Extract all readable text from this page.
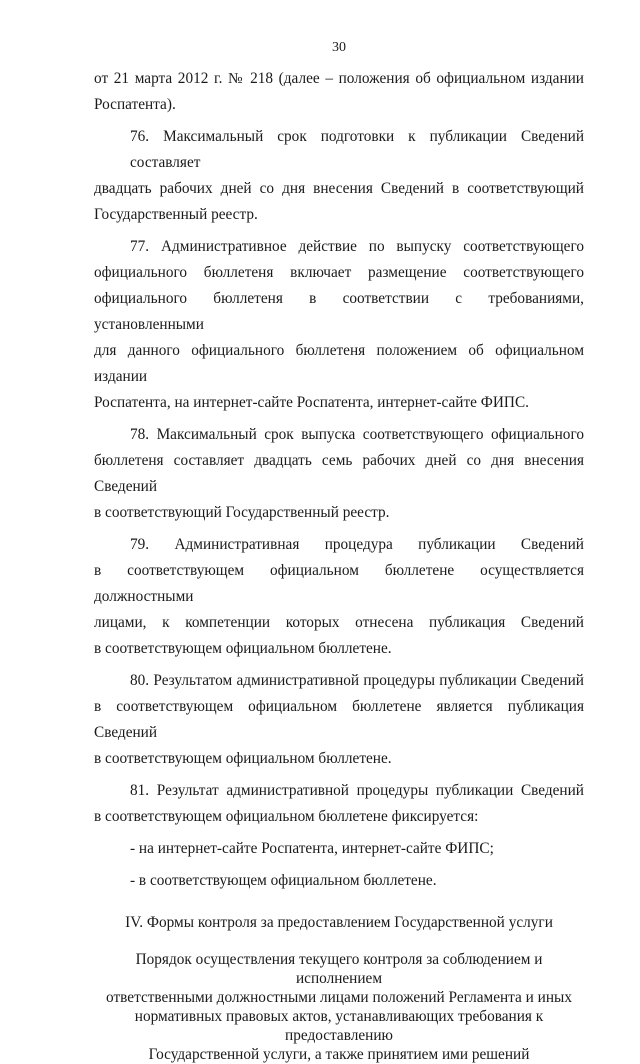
30
от 21 марта 2012 г. № 218 (далее – положения об официальном издании
Роспатента).
76. Максимальный срок подготовки к публикации Сведений составляет
двадцать рабочих дней со дня внесения Сведений в соответствующий
Государственный реестр.
77. Административное действие по выпуску соответствующего
официального бюллетеня включает размещение соответствующего
официального бюллетеня в соответствии с требованиями, установленными
для данного официального бюллетеня положением об официальном издании
Роспатента, на интернет-сайте Роспатента, интернет-сайте ФИПС.
78. Максимальный срок выпуска соответствующего официального
бюллетеня составляет двадцать семь рабочих дней со дня внесения Сведений
в соответствующий Государственный реестр.
79. Административная процедура публикации Сведений
в соответствующем официальном бюллетене осуществляется должностными
лицами, к компетенции которых отнесена публикация Сведений
в соответствующем официальном бюллетене.
80. Результатом административной процедуры публикации Сведений
в соответствующем официальном бюллетене является публикация Сведений
в соответствующем официальном бюллетене.
81. Результат административной процедуры публикации Сведений
в соответствующем официальном бюллетене фиксируется:
- на интернет-сайте Роспатента, интернет-сайте ФИПС;
- в соответствующем официальном бюллетене.
IV. Формы контроля за предоставлением Государственной услуги
Порядок осуществления текущего контроля за соблюдением и исполнением
ответственными должностными лицами положений Регламента и иных
нормативных правовых актов, устанавливающих требования к предоставлению
Государственной услуги, а также принятием ими решений
